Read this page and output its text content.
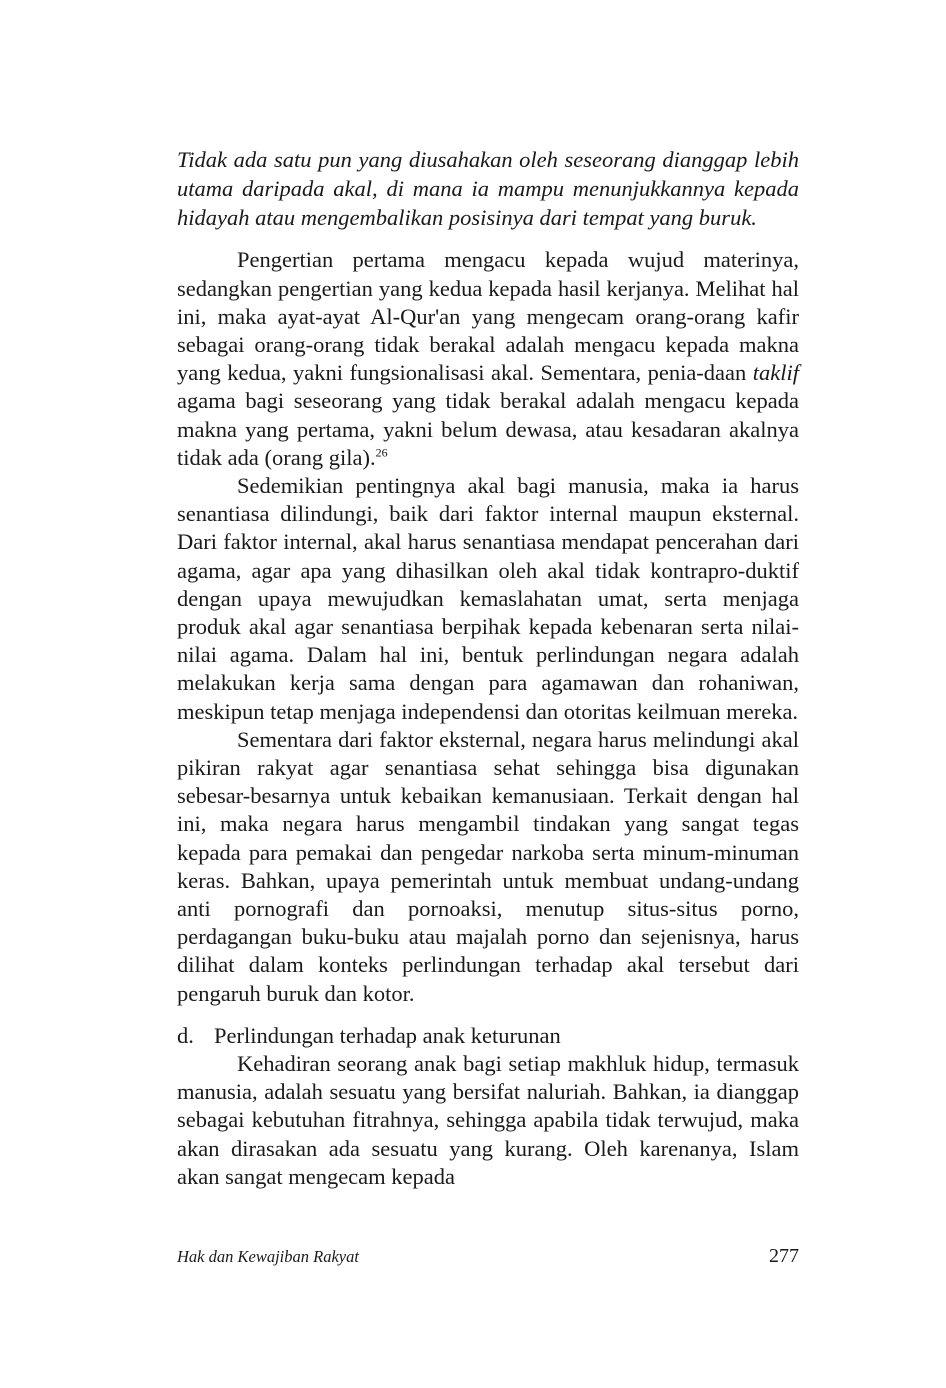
Tidak ada satu pun yang diusahakan oleh seseorang dianggap lebih utama daripada akal, di mana ia mampu menunjukkannya kepada hidayah atau mengembalikan posisinya dari tempat yang buruk.

Pengertian pertama mengacu kepada wujud materinya, sedangkan pengertian yang kedua kepada hasil kerjanya. Melihat hal ini, maka ayat-ayat Al-Qur'an yang mengecam orang-orang kafir sebagai orang-orang tidak berakal adalah mengacu kepada makna yang kedua, yakni fungsionalisasi akal. Sementara, penia-daan taklif agama bagi seseorang yang tidak berakal adalah mengacu kepada makna yang pertama, yakni belum dewasa, atau kesadaran akalnya tidak ada (orang gila).$^{26}$

Sedemikian pentingnya akal bagi manusia, maka ia harus senantiasa dilindungi, baik dari faktor internal maupun eksternal. Dari faktor internal, akal harus senantiasa mendapat pencerahan dari agama, agar apa yang dihasilkan oleh akal tidak kontrapro-duktif dengan upaya mewujudkan kemaslahatan umat, serta menjaga produk akal agar senantiasa berpihak kepada kebenaran serta nilai-nilai agama. Dalam hal ini, bentuk perlindungan negara adalah melakukan kerja sama dengan para agamawan dan rohaniwan, meskipun tetap menjaga independensi dan otoritas keilmuan mereka.

Sementara dari faktor eksternal, negara harus melindungi akal pikiran rakyat agar senantiasa sehat sehingga bisa digunakan sebesar-besarnya untuk kebaikan kemanusiaan. Terkait dengan hal ini, maka negara harus mengambil tindakan yang sangat tegas kepada para pemakai dan pengedar narkoba serta minum-minuman keras. Bahkan, upaya pemerintah untuk membuat undang-undang anti pornografi dan pornoaksi, menutup situs-situs porno, perdagangan buku-buku atau majalah porno dan sejenisnya, harus dilihat dalam konteks perlindungan terhadap akal tersebut dari pengaruh buruk dan kotor.

d. Perlindungan terhadap anak keturunan

Kehadiran seorang anak bagi setiap makhluk hidup, termasuk manusia, adalah sesuatu yang bersifat naluriah. Bahkan, ia dianggap sebagai kebutuhan fitrahnya, sehingga apabila tidak terwujud, maka akan dirasakan ada sesuatu yang kurang. Oleh karenanya, Islam akan sangat mengecam kepada

Hak dan Kewajiban Rakyat	277
